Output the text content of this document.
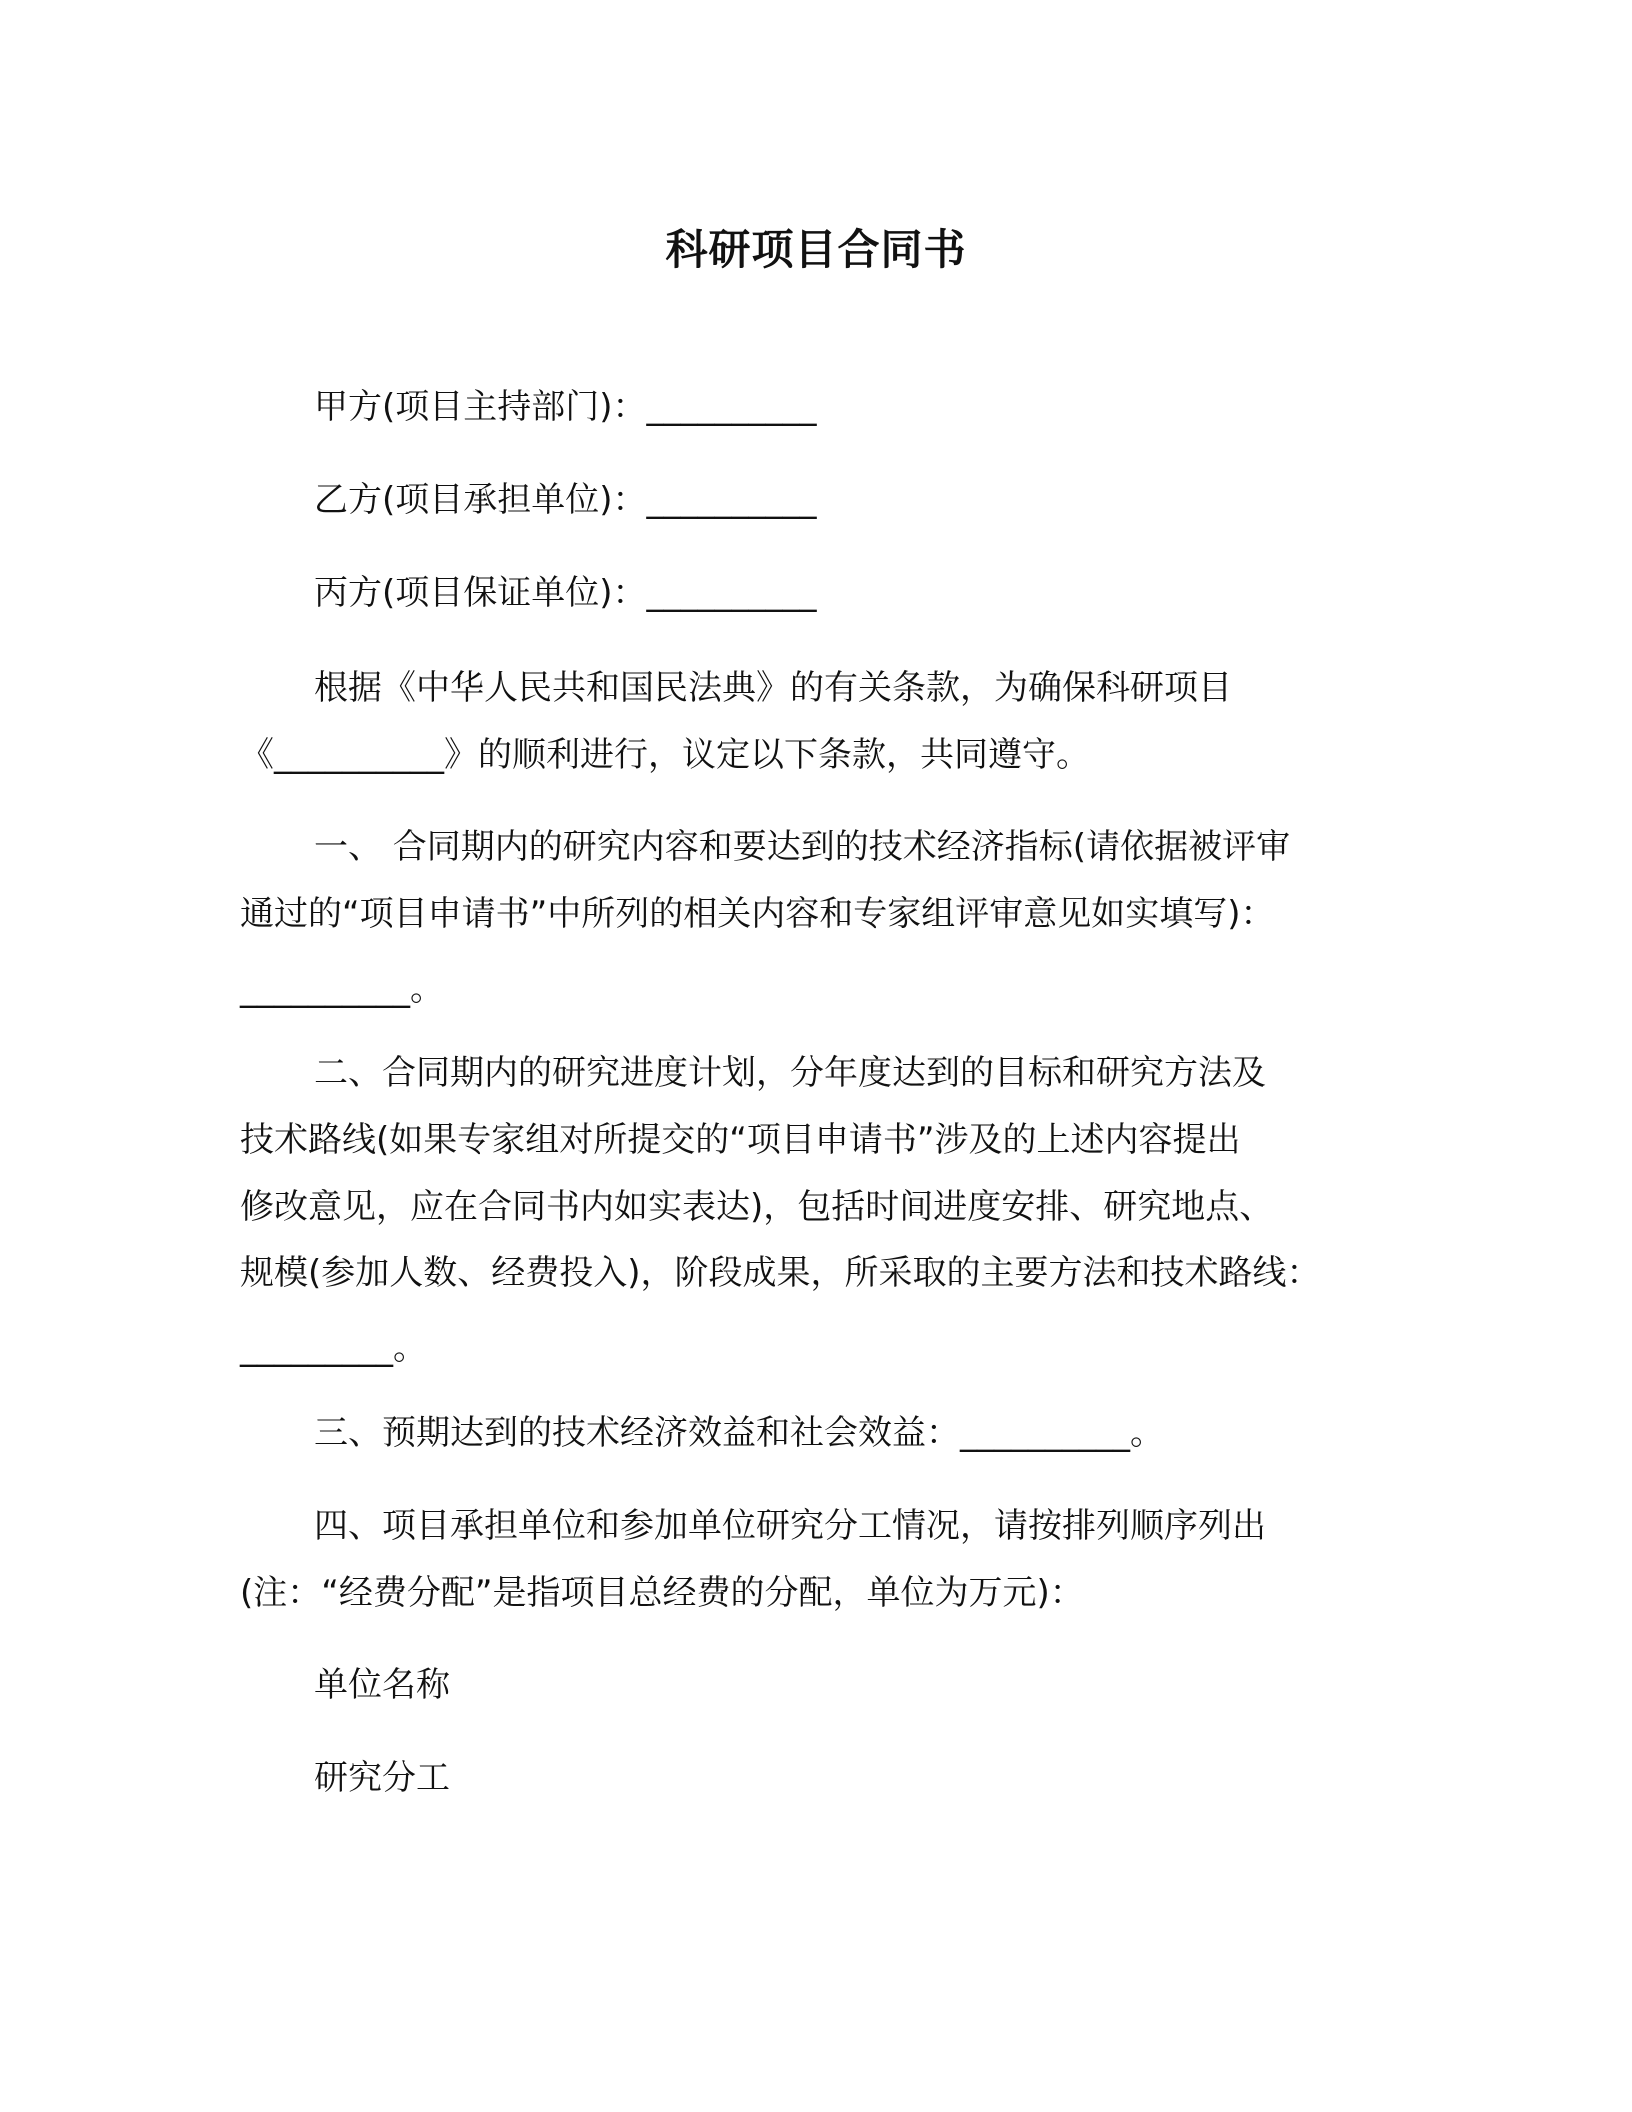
科研项目合同书
甲方(项目主持部门)：__________
乙方(项目承担单位)：__________
丙方(项目保证单位)：__________
根据《中华人民共和国民法典》的有关条款，为确保科研项目
《__________》的顺利进行，议定以下条款，共同遵守。
一、 合同期内的研究内容和要达到的技术经济指标(请依据被评审
通过的“项目申请书”中所列的相关内容和专家组评审意见如实填写)：
__________。
二、合同期内的研究进度计划，分年度达到的目标和研究方法及
技术路线(如果专家组对所提交的“项目申请书”涉及的上述内容提出
修改意见，应在合同书内如实表达)，包括时间进度安排、研究地点、
规模(参加人数、经费投入)，阶段成果，所采取的主要方法和技术路线：
_________。
三、预期达到的技术经济效益和社会效益：__________。
四、项目承担单位和参加单位研究分工情况，请按排列顺序列出
(注：“经费分配”是指项目总经费的分配，单位为万元)：
单位名称
研究分工
